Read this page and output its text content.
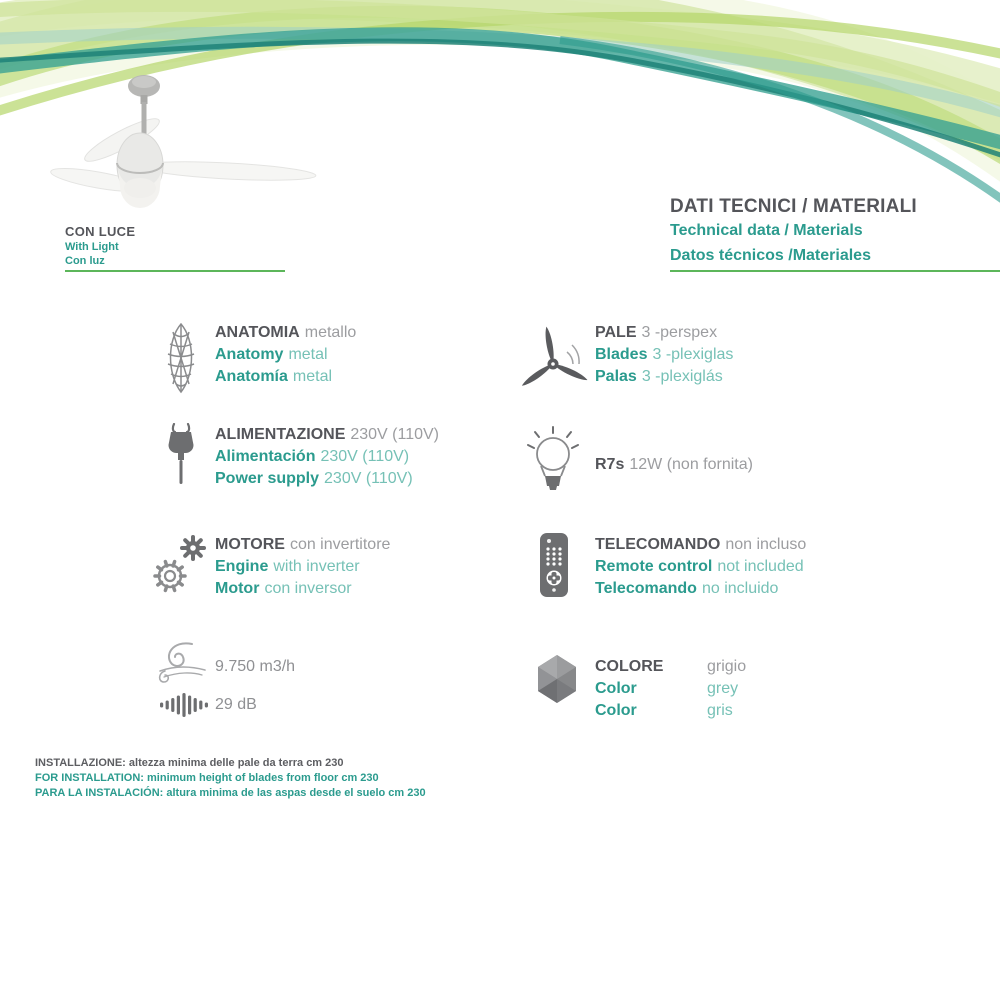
CON LUCE
With Light
Con luz
DATI TECNICI / MATERIALI
Technical data / Materials
Datos técnicos /Materiales
ANATOMIA metallo
Anatomy metal
Anatomía metal
ALIMENTAZIONE 230V (110V)
Alimentación 230V (110V)
Power supply 230V (110V)
MOTORE con invertitore
Engine with inverter
Motor con inversor
9.750 m3/h
29 dB
PALE 3 -perspex
Blades 3 -plexiglas
Palas 3 -plexiglás
R7s 12W (non fornita)
TELECOMANDO non incluso
Remote control not included
Telecomando no incluido
COLORE	grigio
Color	grey
Color	gris
INSTALLAZIONE: altezza minima delle pale da terra cm 230
FOR INSTALLATION: minimum height of blades from floor cm 230
PARA LA INSTALACIÓN: altura minima de las aspas desde el suelo cm 230
